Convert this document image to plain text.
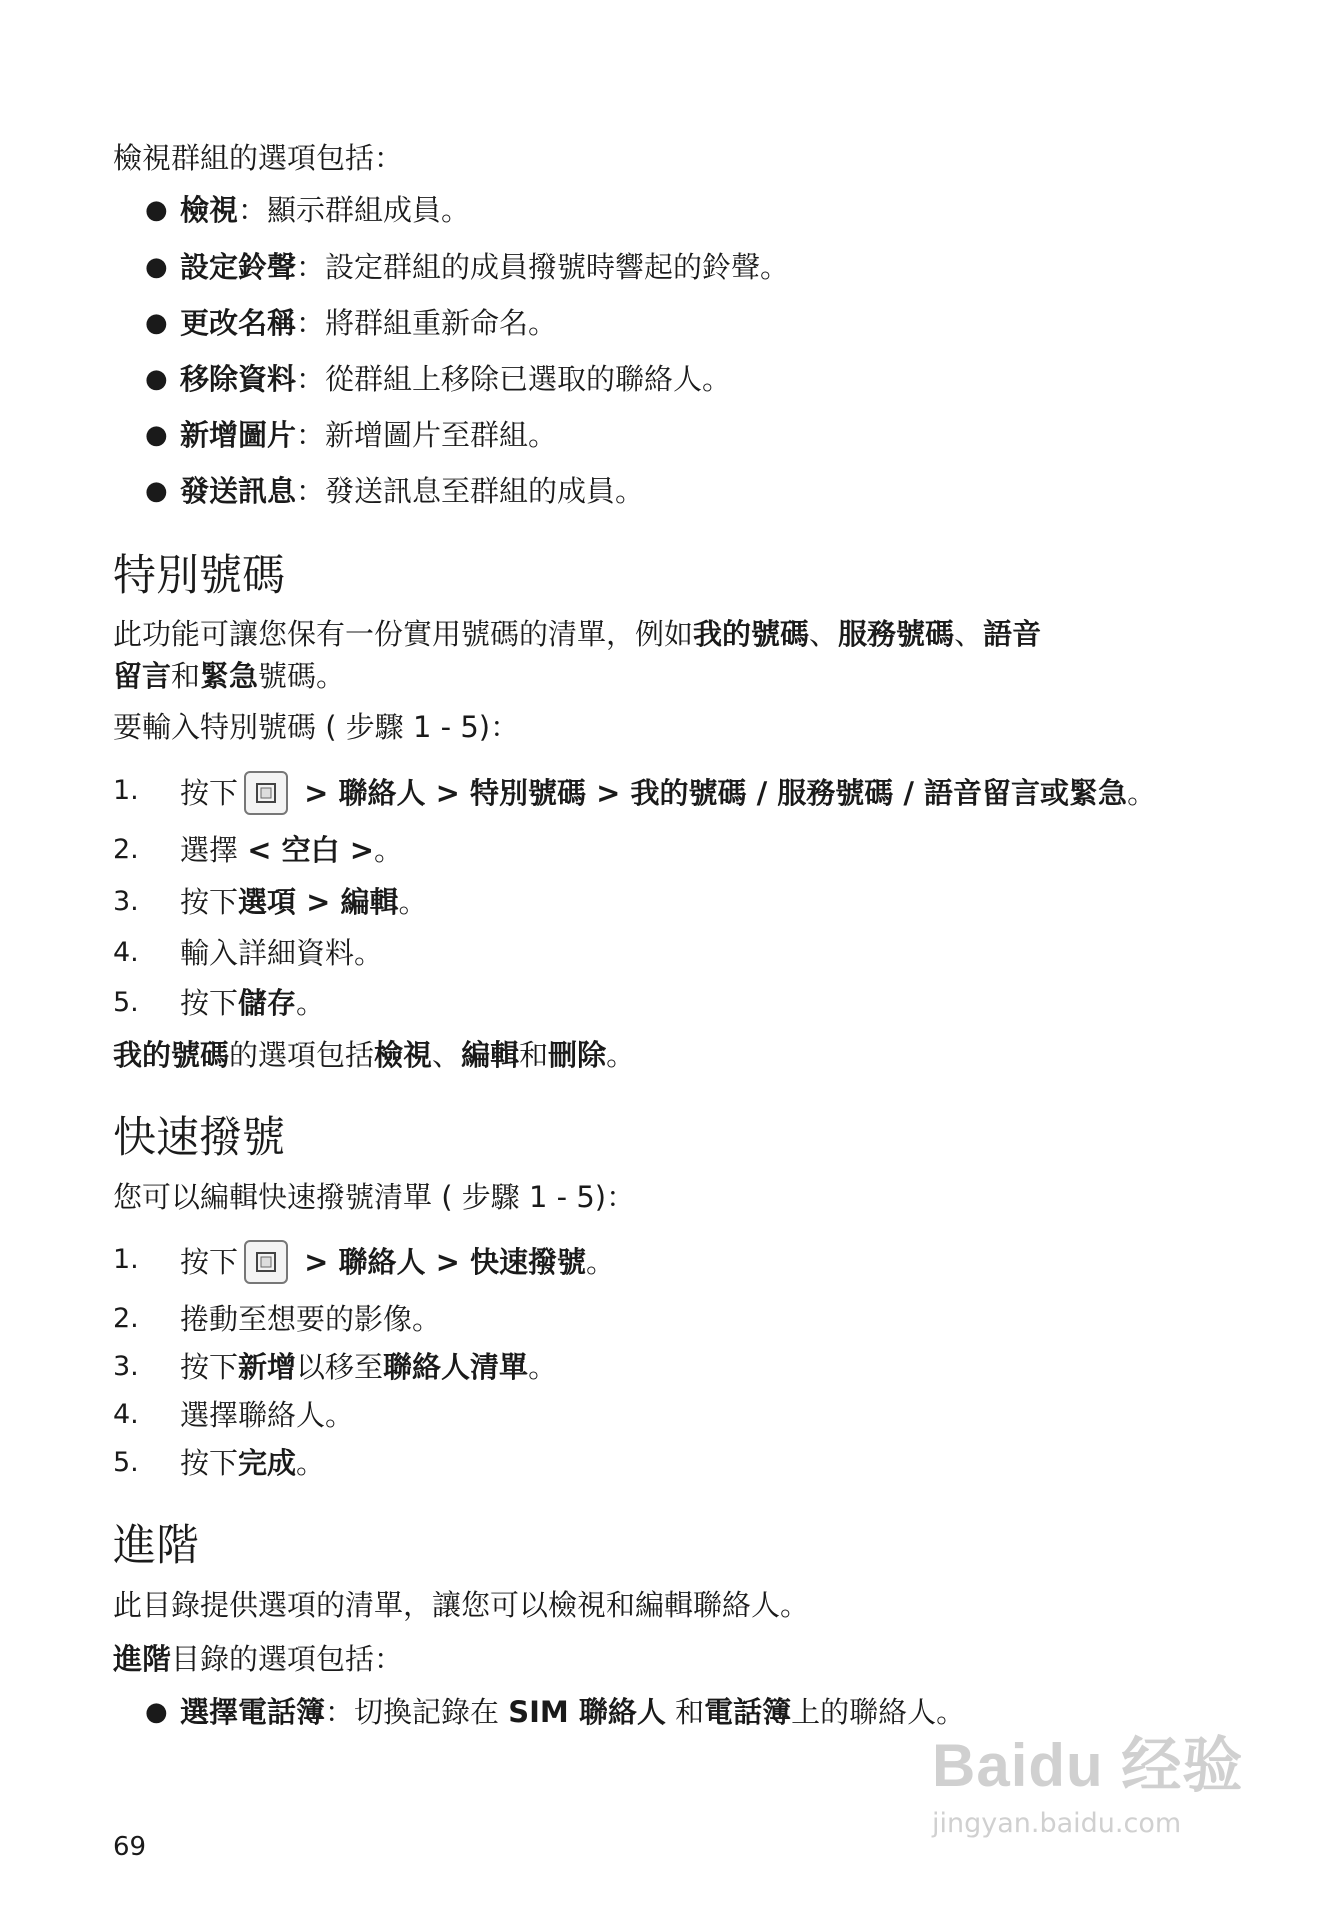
檢視群組的選項包括：
● 檢視：顯示群組成員。
● 設定鈴聲：設定群組的成員撥號時響起的鈴聲。
● 更改名稱：將群組重新命名。
● 移除資料：從群組上移除已選取的聯絡人。
● 新增圖片：新增圖片至群組。
● 發送訊息：發送訊息至群組的成員。
特別號碼
此功能可讓您保有一份實用號碼的清單，例如我的號碼、服務號碼、語音
留言和緊急號碼。
要輸入特別號碼 ( 步驟 1 - 5)：
1. 按下
> 聯絡人 > 特別號碼 > 我的號碼 / 服務號碼 / 語音留言或緊急。
2. 選擇 < 空白 >。
3. 按下選項 > 編輯。
4. 輸入詳細資料。
5. 按下儲存。
我的號碼的選項包括檢視、編輯和刪除。
快速撥號
您可以編輯快速撥號清單 ( 步驟 1 - 5)：
1. 按下
> 聯絡人 > 快速撥號。
2. 捲動至想要的影像。
3. 按下新增以移至聯絡人清單。
4. 選擇聯絡人。
5. 按下完成。
進階
此目錄提供選項的清單，讓您可以檢視和編輯聯絡人。
進階目錄的選項包括：
● 選擇電話簿：切換記錄在 SIM 聯絡人 和電話簿上的聯絡人。
69
Baidu 经验
jingyan.baidu.com
